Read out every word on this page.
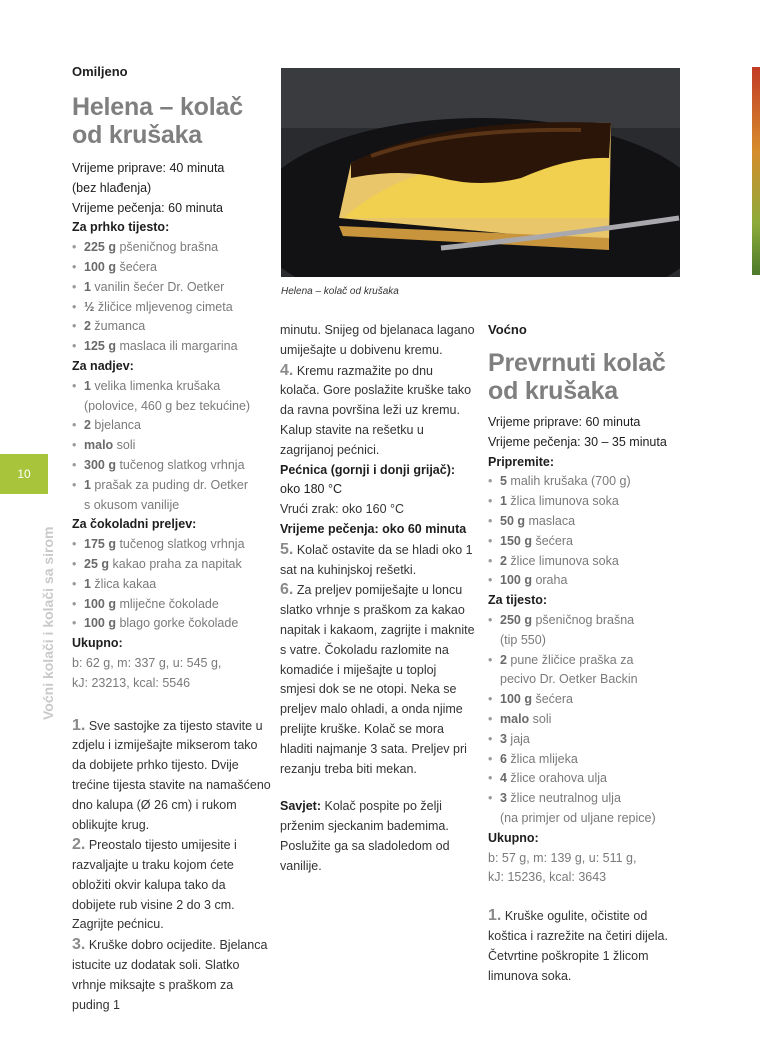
10
Voćni kolači i kolači sa sirom
Omiljeno
Helena – kolač
od krušaka
Vrijeme priprave: 40 minuta
(bez hlađenja)
Vrijeme pečenja: 60 minuta
Za prhko tijesto:
• 225 g pšeničnog brašna
• 100 g šećera
• 1 vanilin šećer Dr. Oetker
• ½ žličice mljevenog cimeta
• 2 žumanca
• 125 g maslaca ili margarina
Za nadjev:
• 1 velika limenka krušaka
(polovice, 460 g bez tekućine)
• 2 bjelanca
• malo soli
• 300 g tučenog slatkog vrhnja
• 1 prašak za puding dr. Oetker
s okusom vanilije
Za čokoladni preljev:
• 175 g tučenog slatkog vrhnja
• 25 g kakao praha za napitak
• 1 žlica kakaa
• 100 g mliječne čokolade
• 100 g blago gorke čokolade
Ukupno:
b: 62 g, m: 337 g, u: 545 g,
kJ: 23213, kcal: 5546
1. Sve sastojke za tijesto stavite u zdjelu i izmiješajte mikserom tako da dobijete prhko tijesto. Dvije trećine tijesta stavite na namašćeno dno kalupa (Ø 26 cm) i rukom oblikujte krug.
2. Preostalo tijesto umijesite i razvaljajte u traku kojom ćete obložiti okvir kalupa tako da dobijete rub visine 2 do 3 cm. Zagrijte pećnicu.
3. Kruške dobro ocijedite. Bjelanca istucite uz dodatak soli. Slatko vrhnje miksajte s praškom za puding 1
Helena – kolač od krušaka
minutu. Snijeg od bjelanaca lagano umiješajte u dobivenu kremu.
4. Kremu razmažite po dnu kolača. Gore poslažite kruške tako da ravna površina leži uz kremu. Kalup stavite na rešetku u zagrijanoj pećnici.
Pećnica (gornji i donji grijač):
oko 180 °C
Vrući zrak: oko 160 °C
Vrijeme pečenja: oko 60 minuta
5. Kolač ostavite da se hladi oko 1 sat na kuhinjskoj rešetki.
6. Za preljev pomiješajte u loncu slatko vrhnje s praškom za kakao napitak i kakaom, zagrijte i maknite s vatre. Čokoladu razlomite na komadiće i miješajte u toploj smjesi dok se ne otopi. Neka se preljev malo ohladi, a onda njime prelijte kruške. Kolač se mora hladiti najmanje 3 sata. Preljev pri rezanju treba biti mekan.
Savjet: Kolač pospite po želji prženim sjeckanim bademima. Poslužite ga sa sladoledom od vanilije.
Voćno
Prevrnuti kolač
od krušaka
Vrijeme priprave: 60 minuta
Vrijeme pečenja: 30 – 35 minuta
Pripremite:
• 5 malih krušaka (700 g)
• 1 žlica limunova soka
• 50 g maslaca
• 150 g šećera
• 2 žlice limunova soka
• 100 g oraha
Za tijesto:
• 250 g pšeničnog brašna
(tip 550)
• 2 pune žličice praška za
pecivo Dr. Oetker Backin
• 100 g šećera
• malo soli
• 3 jaja
• 6 žlica mlijeka
• 4 žlice orahova ulja
• 3 žlice neutralnog ulja
(na primjer od uljane repice)
Ukupno:
b: 57 g, m: 139 g, u: 511 g,
kJ: 15236, kcal: 3643
1. Kruške ogulite, očistite od koštica i razrežite na četiri dijela. Četvrtine poškropite 1 žlicom limunova soka.
